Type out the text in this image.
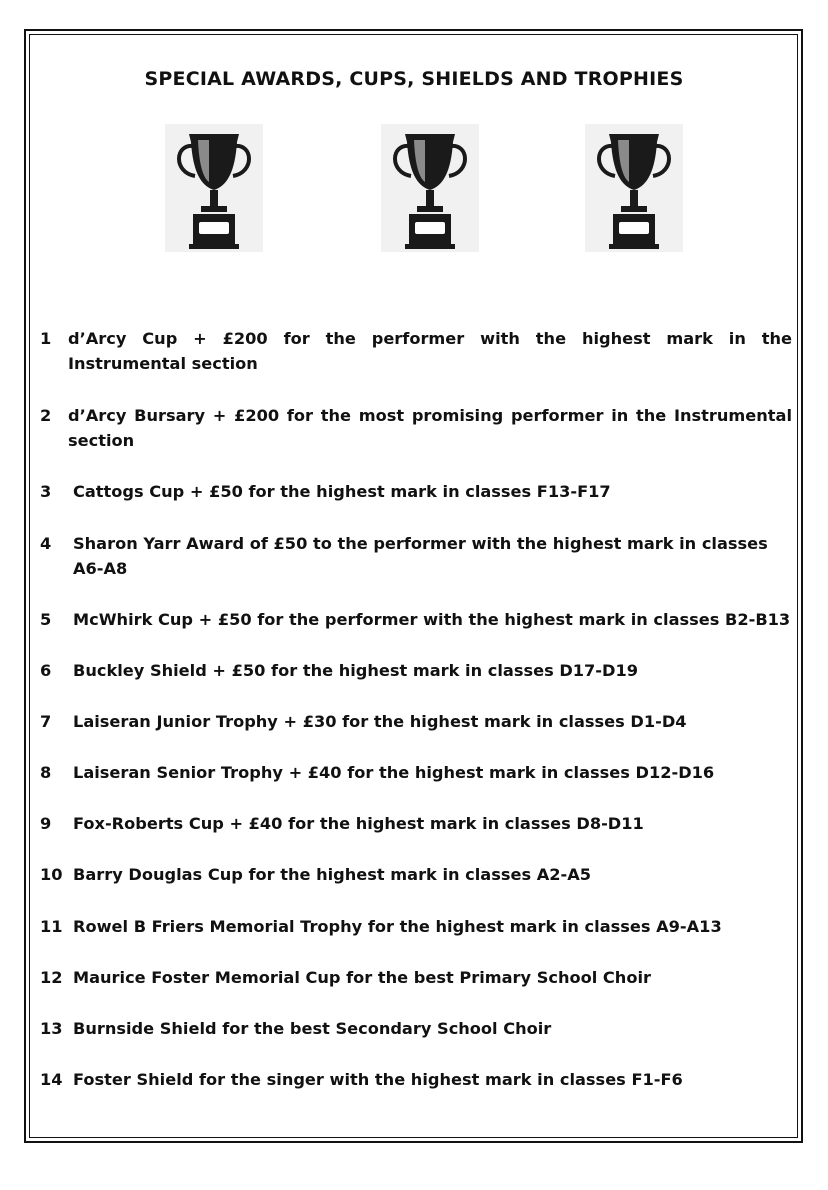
SPECIAL AWARDS, CUPS, SHIELDS AND TROPHIES
1 d’Arcy Cup + £200 for the performer with the highest mark in the Instrumental section
2 d’Arcy Bursary + £200 for the most promising performer in the Instrumental section
3 Cattogs Cup + £50 for the highest mark in classes F13-F17
4 Sharon Yarr Award of £50 to the performer with the highest mark in classes A6-A8
5 McWhirk Cup + £50 for the performer with the highest mark in classes B2-B13
6 Buckley Shield + £50 for the highest mark in classes D17-D19
7 Laiseran Junior Trophy + £30 for the highest mark in classes D1-D4
8 Laiseran Senior Trophy + £40 for the highest mark in classes D12-D16
9 Fox-Roberts Cup + £40 for the highest mark in classes D8-D11
10 Barry Douglas Cup for the highest mark in classes A2-A5
11 Rowel B Friers Memorial Trophy for the highest mark in classes A9-A13
12 Maurice Foster Memorial Cup for the best Primary School Choir
13 Burnside Shield for the best Secondary School Choir
14 Foster Shield for the singer with the highest mark in classes F1-F6
